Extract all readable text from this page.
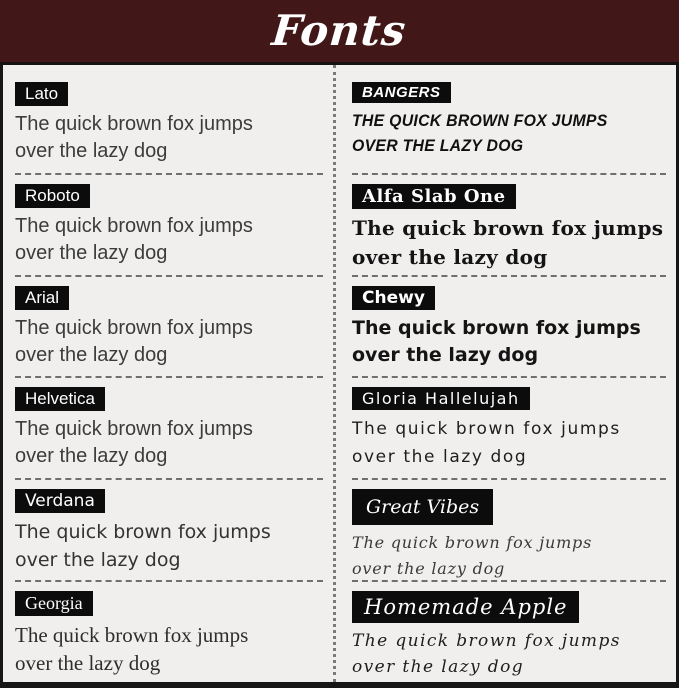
Fonts
Lato
The quick brown fox jumps
over the lazy dog
Roboto
The quick brown fox jumps
over the lazy dog
Arial
The quick brown fox jumps
over the lazy dog
Helvetica
The quick brown fox jumps
over the lazy dog
Verdana
The quick brown fox jumps
over the lazy dog
Georgia
The quick brown fox jumps
over the lazy dog
BANGERS
THE QUICK BROWN FOX JUMPS
OVER THE LAZY DOG
Alfa Slab One
The quick brown fox jumps
over the lazy dog
Chewy
The quick brown fox jumps
over the lazy dog
Gloria Hallelujah
The quick brown fox jumps
over the lazy dog
Great Vibes
The quick brown fox jumps
over the lazy dog
Homemade Apple
The quick brown fox jumps
over the lazy dog
